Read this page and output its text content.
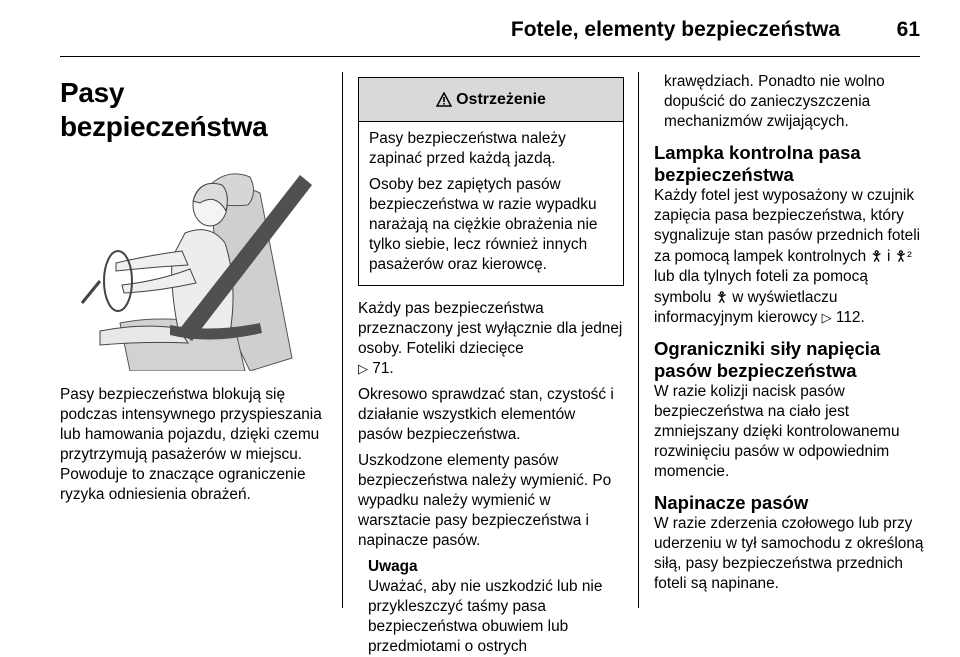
Fotele, elementy bezpieczeństwa	61
Pasy bezpieczeństwa
Pasy bezpieczeństwa blokują się podczas intensywnego przyspieszania lub hamowania pojazdu, dzięki czemu przytrzymują pasażerów w miejscu. Powoduje to znaczące ograniczenie ryzyka odniesienia obrażeń.
Ostrzeżenie

Pasy bezpieczeństwa należy zapinać przed każdą jazdą.

Osoby bez zapiętych pasów bezpieczeństwa w razie wypadku narażają na ciężkie obrażenia nie tylko siebie, lecz również innych pasażerów oraz kierowcę.

Każdy pas bezpieczeństwa przeznaczony jest wyłącznie dla jednej osoby. Foteliki dziecięce
▷ 71.

Okresowo sprawdzać stan, czystość i działanie wszystkich elementów pasów bezpieczeństwa.

Uszkodzone elementy pasów bezpieczeństwa należy wymienić. Po wypadku należy wymienić w warsztacie pasy bezpieczeństwa i napinacze pasów.

Uwaga
Uważać, aby nie uszkodzić lub nie przykleszczyć taśmy pasa bezpieczeństwa obuwiem lub przedmiotami o ostrych

krawędziach. Ponadto nie wolno dopuścić do zanieczyszczenia mechanizmów zwijających.

Lampka kontrolna pasa bezpieczeństwa

Każdy fotel jest wyposażony w czujnik zapięcia pasa bezpieczeństwa, który sygnalizuje stan pasów przednich foteli za pomocą lampek kontrolnych 🯆 i 🯆² lub dla tylnych foteli za pomocą symbolu 🯆 w wyświetlaczu informacyjnym kierowcy ▷ 112.

Ograniczniki siły napięcia pasów bezpieczeństwa

W razie kolizji nacisk pasów bezpieczeństwa na ciało jest zmniejszany dzięki kontrolowanemu rozwinięciu pasów w odpowiednim momencie.

Napinacze pasów

W razie zderzenia czołowego lub przy uderzeniu w tył samochodu z określoną siłą, pasy bezpieczeństwa przednich foteli są napinane.
